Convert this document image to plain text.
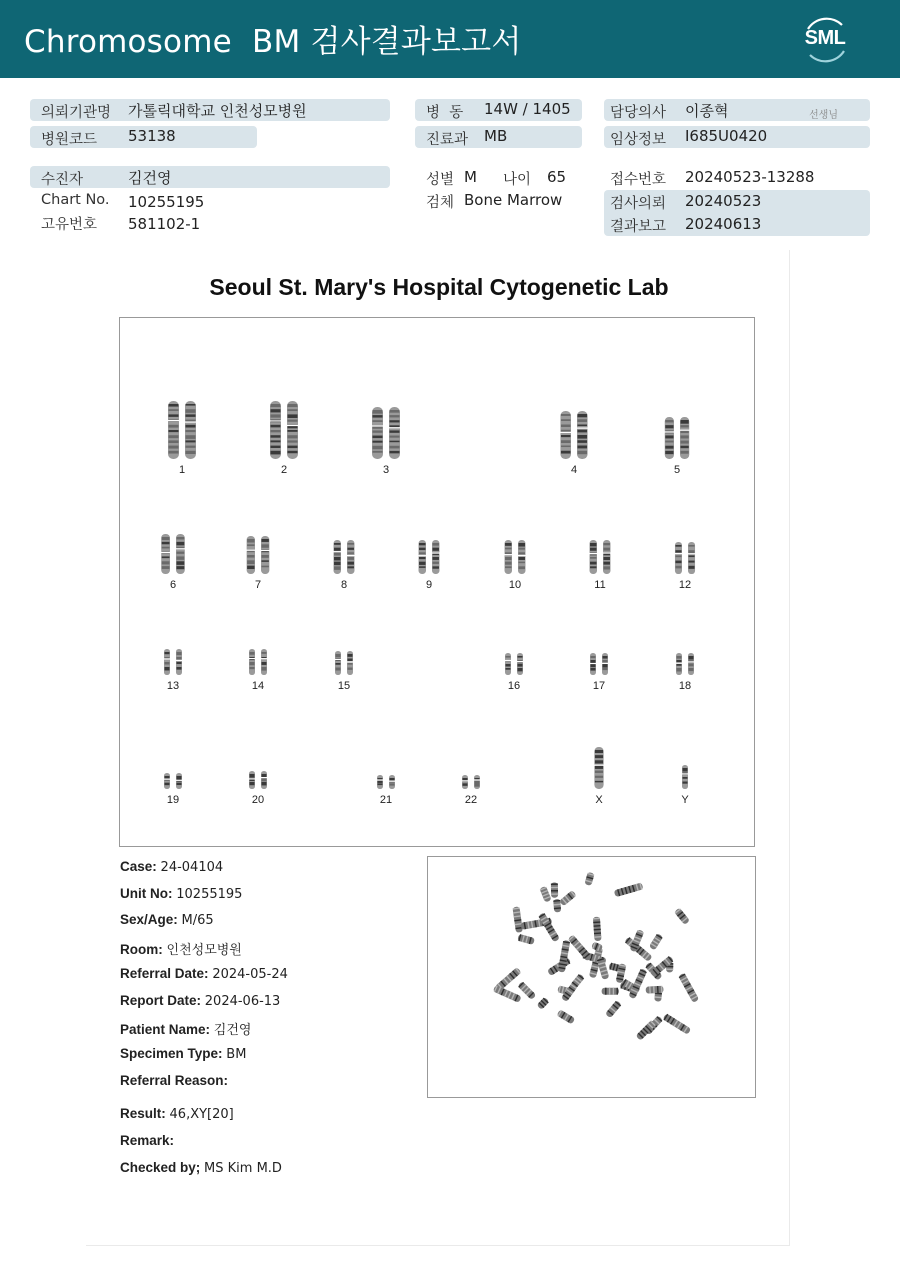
Chromosome  BM 검사결과보고서	SML
의뢰기관명 가톨릭대학교 인천성모병원
병원코드 53138
수진자	김건영
Chart No. 10255195
고유번호 581102-1
병  동 14W / 1405
진료과 MB
성별 M 나이 65
검체 Bone Marrow
담당의사 이종혁	선생님
임상정보 I685U0420
접수번호 20240523-13288
검사의뢰 20240523
결과보고 20240613
Seoul St. Mary's Hospital Cytogenetic Lab
1	2	3	4	5
6	7	8	9	10	11	12
13	14	15	16	17	18
19	20	21	22	X	Y
Case: 24-04104
Unit No: 10255195
Sex/Age: M/65
Room: 인천성모병원
Referral Date: 2024-05-24
Report Date: 2024-06-13
Patient Name: 김건영
Specimen Type: BM
Referral Reason:
Result: 46,XY[20]
Remark:
Checked by; MS Kim M.D
